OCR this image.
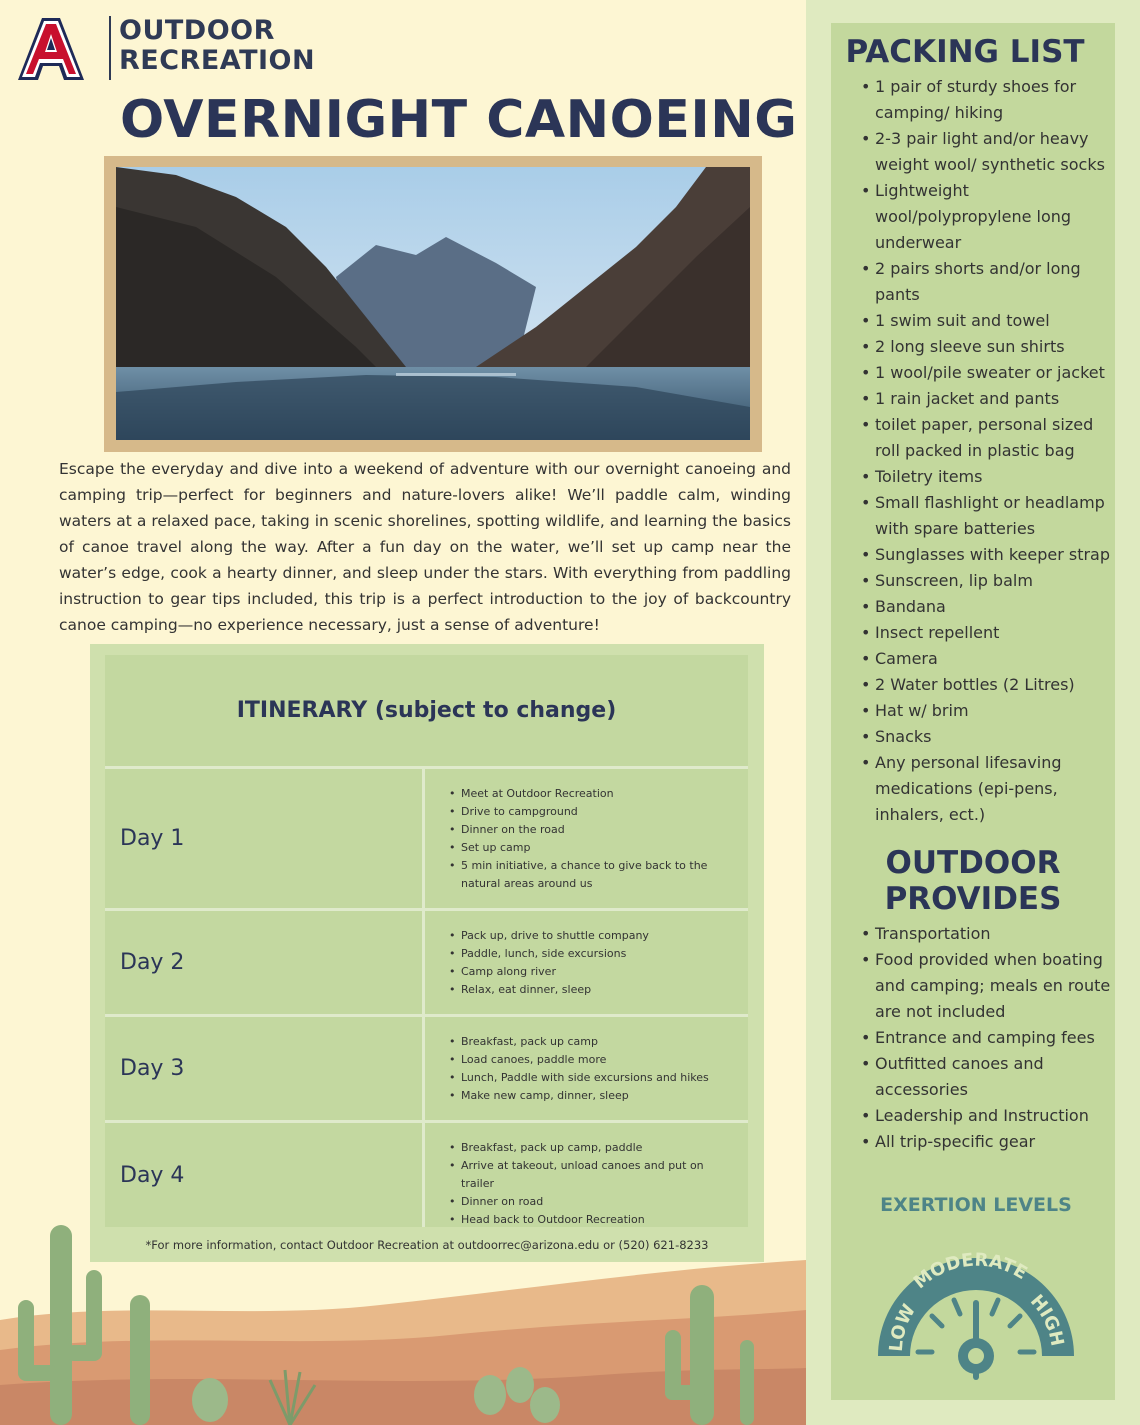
OUTDOOR
RECREATION
OVERNIGHT CANOEING

Escape the everyday and dive into a weekend of adventure with our overnight canoeing and camping trip—perfect for beginners and nature-lovers alike! We’ll paddle calm, winding waters at a relaxed pace, taking in scenic shorelines, spotting wildlife, and learning the basics of canoe travel along the way. After a fun day on the water, we’ll set up camp near the water’s edge, cook a hearty dinner, and sleep under the stars. With everything from paddling instruction to gear tips included, this trip is a perfect introduction to the joy of backcountry canoe camping—no experience necessary, just a sense of adventure!

ITINERARY (subject to change)
Day 1
• Meet at Outdoor Recreation
• Drive to campground
• Dinner on the road
• Set up camp
• 5 min initiative, a chance to give back to the natural areas around us
Day 2
• Pack up, drive to shuttle company
• Paddle, lunch, side excursions
• Camp along river
• Relax, eat dinner, sleep
Day 3
• Breakfast, pack up camp
• Load canoes, paddle more
• Lunch, Paddle with side excursions and hikes
• Make new camp, dinner, sleep
Day 4
• Breakfast, pack up camp, paddle
• Arrive at takeout, unload canoes and put on trailer
• Dinner on road
• Head back to Outdoor Recreation
*For more information, contact Outdoor Recreation at outdoorrec@arizona.edu or (520) 621-8233
PACKING LIST
• 1 pair of sturdy shoes for camping/ hiking
• 2-3 pair light and/or heavy weight wool/ synthetic socks
• Lightweight wool/polypropylene long underwear
• 2 pairs shorts and/or long pants
• 1 swim suit and towel
• 2 long sleeve sun shirts
• 1 wool/pile sweater or jacket
• 1 rain jacket and pants
• toilet paper, personal sized roll packed in plastic bag
• Toiletry items
• Small flashlight or headlamp with spare batteries
• Sunglasses with keeper strap
• Sunscreen, lip balm
• Bandana
• Insect repellent
• Camera
• 2 Water bottles (2 Litres)
• Hat w/ brim
• Snacks
• Any personal lifesaving medications (epi-pens, inhalers, ect.)
OUTDOOR
PROVIDES
• Transportation
• Food provided when boating and camping; meals en route are not included
• Entrance and camping fees
• Outfitted canoes and accessories
• Leadership and Instruction
• All trip-specific gear
EXERTION LEVELS
LOW
MODERATE
HIGH
